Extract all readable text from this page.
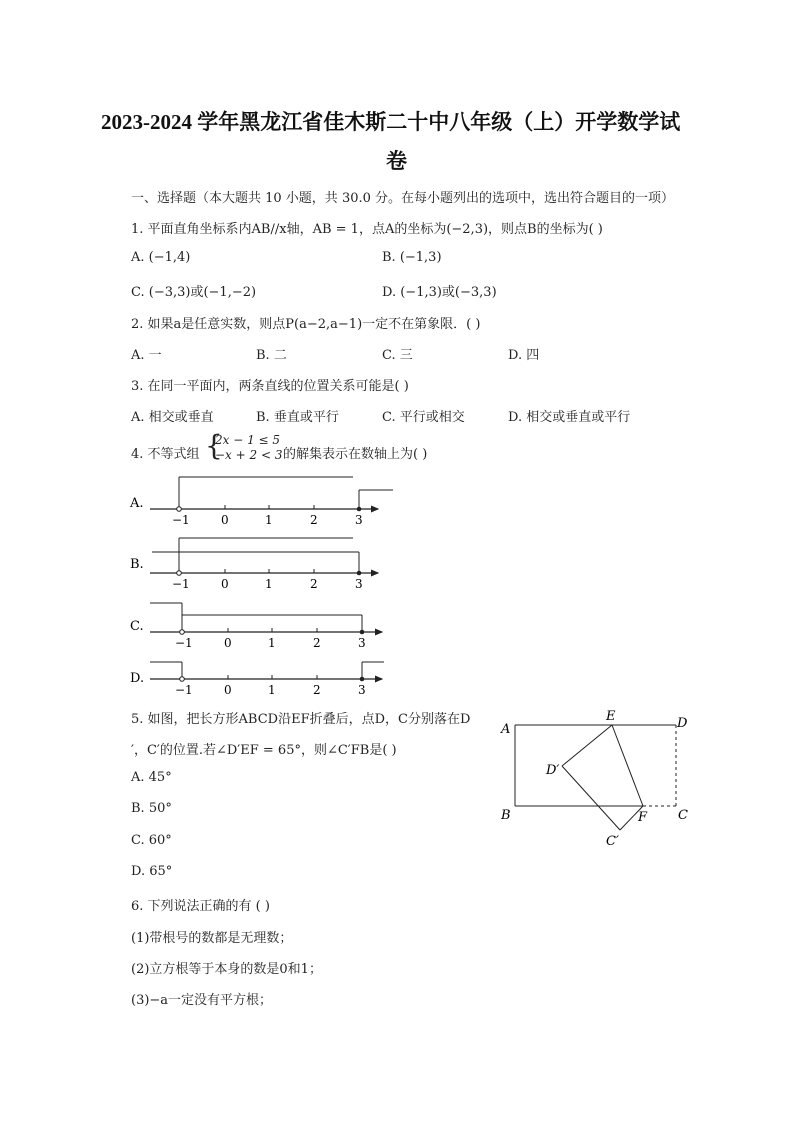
2023-2024 学年黑龙江省佳木斯二十中八年级（上）开学数学试
卷
一、选择题（本大题共 10 小题，共 30.0 分。在每小题列出的选项中，选出符合题目的一项）
1. 平面直角坐标系内AB//x轴，AB = 1，点A的坐标为(−2,3)，则点B的坐标为( )
A. (−1,4)	B. (−1,3)
C. (−3,3)或(−1,−2)	D. (−1,3)或(−3,3)
2. 如果a是任意实数，则点P(a−2,a−1)一定不在第象限．( )
A. 一	B. 二	C. 三	D. 四
3. 在同一平面内，两条直线的位置关系可能是( )
A. 相交或垂直	B. 垂直或平行	C. 平行或相交	D. 相交或垂直或平行
4. 不等式组 {
2x − 1 ≤ 5
−x + 2 < 3 的解集表示在数轴上为( )
A.
−1	0	1	2	3
B.
−1	0	1	2	3
C.
−1	0	1	2	3
D.
−1	0	1	2	3
5. 如图，把长方形ABCD沿EF折叠后，点D，C分别落在D
′，C′的位置.若∠D′EF = 65°，则∠C′FB是( )
A. 45°
B. 50°
C. 60°
D. 65°
A
E	D
D′
B	F C
C′
6. 下列说法正确的有 ( )
(1)带根号的数都是无理数；
(2)立方根等于本身的数是0和1；
(3)−a一定没有平方根；
